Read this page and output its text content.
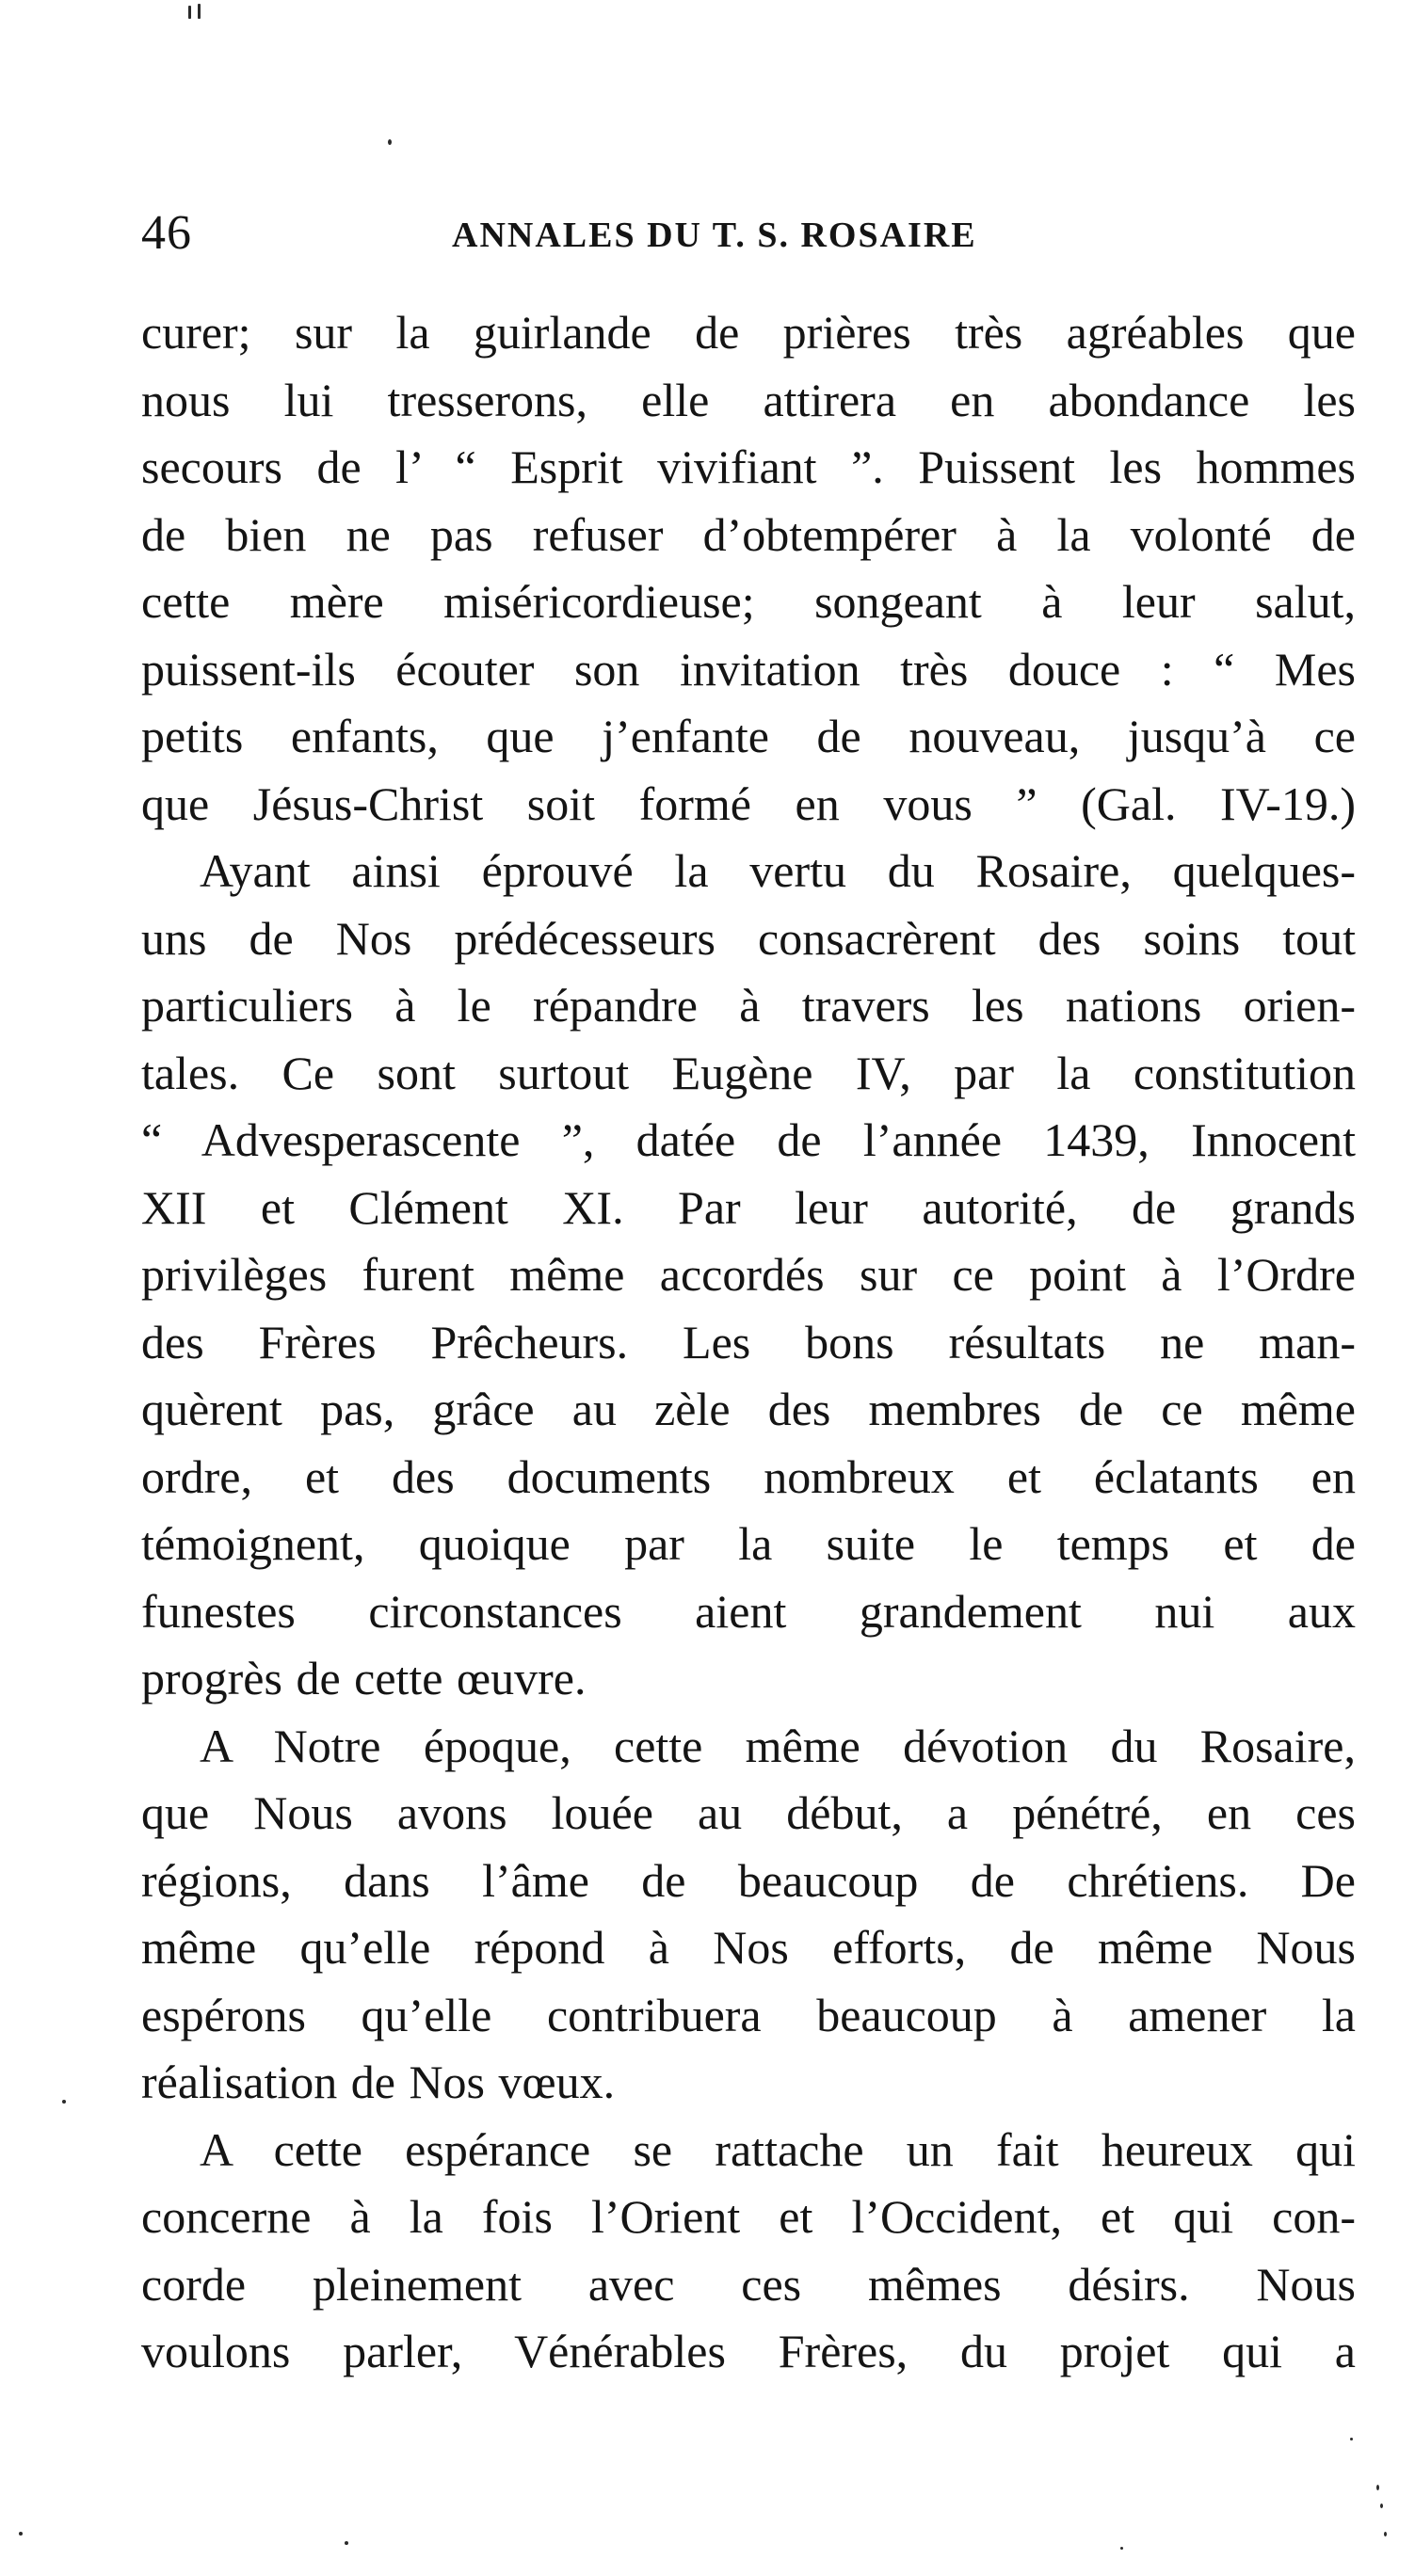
46	ANNALES DU T. S. ROSAIRE
curer; sur la guirlande de prières très agréables que
nous lui tresserons, elle attirera en abondance les
secours de l’ “ Esprit vivifiant ”. Puissent les hommes
de bien ne pas refuser d’obtempérer à la volonté de
cette mère miséricordieuse; songeant à leur salut,
puissent-ils écouter son invitation très douce : “ Mes
petits enfants, que j’enfante de nouveau, jusqu’à ce
que Jésus-Christ soit formé en vous ” (Gal. IV-19.)
Ayant ainsi éprouvé la vertu du Rosaire, quelques-
uns de Nos prédécesseurs consacrèrent des soins tout
particuliers à le répandre à travers les nations orien-
tales. Ce sont surtout Eugène IV, par la constitution
“ Advesperascente ”, datée de l’année 1439, Innocent
XII et Clément XI. Par leur autorité, de grands
privilèges furent même accordés sur ce point à l’Ordre
des Frères Prêcheurs. Les bons résultats ne man-
quèrent pas, grâce au zèle des membres de ce même
ordre, et des documents nombreux et éclatants en
témoignent, quoique par la suite le temps et de
funestes circonstances aient grandement nui aux
progrès de cette œuvre.
A Notre époque, cette même dévotion du Rosaire,
que Nous avons louée au début, a pénétré, en ces
régions, dans l’âme de beaucoup de chrétiens. De
même qu’elle répond à Nos efforts, de même Nous
espérons qu’elle contribuera beaucoup à amener la
réalisation de Nos vœux.
A cette espérance se rattache un fait heureux qui
concerne à la fois l’Orient et l’Occident, et qui con-
corde pleinement avec ces mêmes désirs. Nous
voulons parler, Vénérables Frères, du projet qui a
